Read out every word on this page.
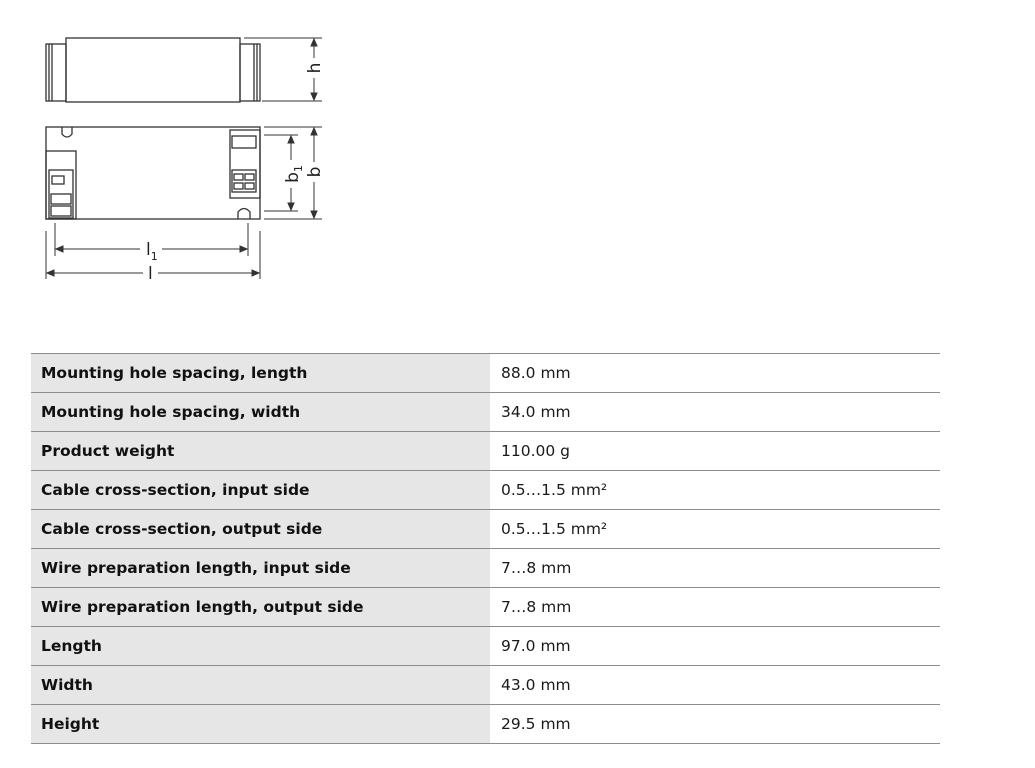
h
$b_1$ b
$l_1$
l
Mounting hole spacing, length	88.0 mm
Mounting hole spacing, width	34.0 mm
Product weight	110.00 g
Cable cross-section, input side	0.5…1.5 mm²
Cable cross-section, output side	0.5…1.5 mm²
Wire preparation length, input side	7…8 mm
Wire preparation length, output side	7…8 mm
Length	97.0 mm
Width	43.0 mm
Height	29.5 mm
